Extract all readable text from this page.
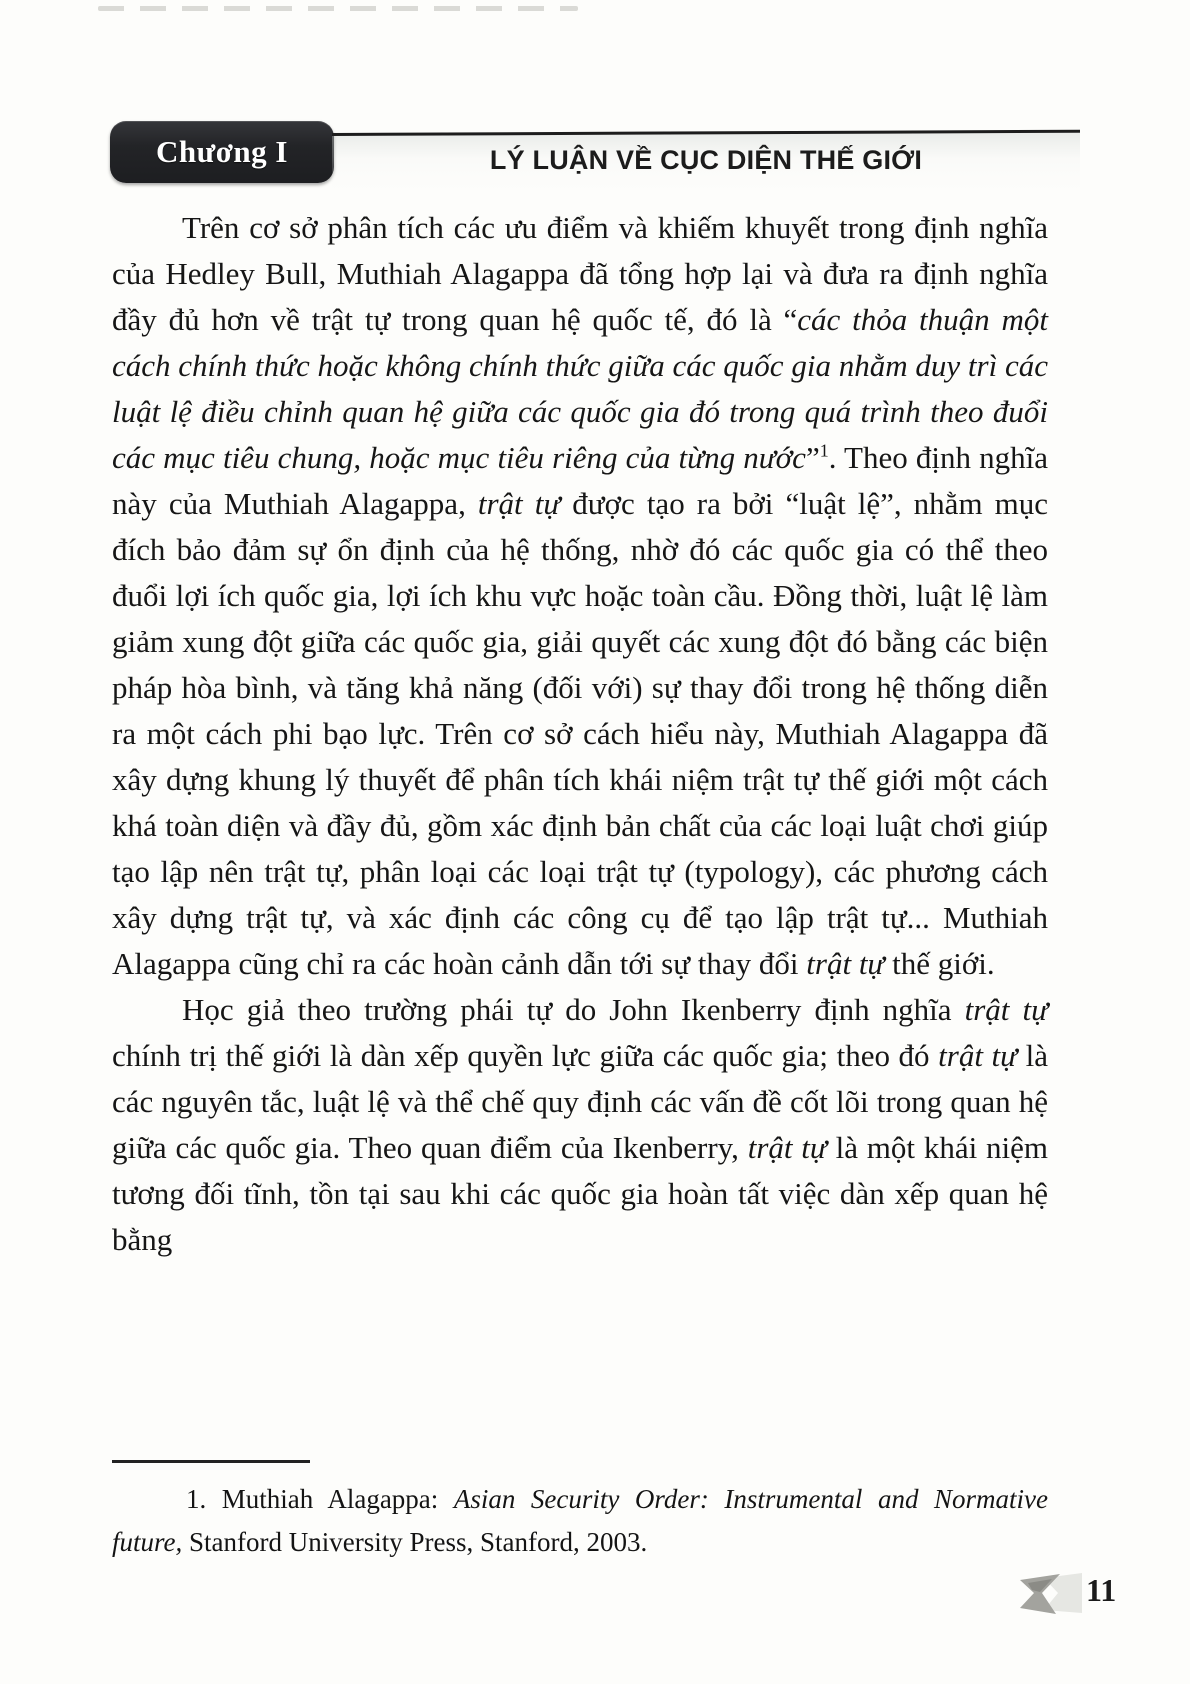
Chương I	LÝ LUẬN VỀ CỤC DIỆN THẾ GIỚI

Trên cơ sở phân tích các ưu điểm và khiếm khuyết trong định nghĩa của Hedley Bull, Muthiah Alagappa đã tổng hợp lại và đưa ra định nghĩa đầy đủ hơn về trật tự trong quan hệ quốc tế, đó là “các thỏa thuận một cách chính thức hoặc không chính thức giữa các quốc gia nhằm duy trì các luật lệ điều chỉnh quan hệ giữa các quốc gia đó trong quá trình theo đuổi các mục tiêu chung, hoặc mục tiêu riêng của từng nước”$^1$. Theo định nghĩa này của Muthiah Alagappa, trật tự được tạo ra bởi “luật lệ”, nhằm mục đích bảo đảm sự ổn định của hệ thống, nhờ đó các quốc gia có thể theo đuổi lợi ích quốc gia, lợi ích khu vực hoặc toàn cầu. Đồng thời, luật lệ làm giảm xung đột giữa các quốc gia, giải quyết các xung đột đó bằng các biện pháp hòa bình, và tăng khả năng (đối với) sự thay đổi trong hệ thống diễn ra một cách phi bạo lực. Trên cơ sở cách hiểu này, Muthiah Alagappa đã xây dựng khung lý thuyết để phân tích khái niệm trật tự thế giới một cách khá toàn diện và đầy đủ, gồm xác định bản chất của các loại luật chơi giúp tạo lập nên trật tự, phân loại các loại trật tự (typology), các phương cách xây dựng trật tự, và xác định các công cụ để tạo lập trật tự... Muthiah Alagappa cũng chỉ ra các hoàn cảnh dẫn tới sự thay đổi trật tự thế giới.

Học giả theo trường phái tự do John Ikenberry định nghĩa trật tự chính trị thế giới là dàn xếp quyền lực giữa các quốc gia; theo đó trật tự là các nguyên tắc, luật lệ và thể chế quy định các vấn đề cốt lõi trong quan hệ giữa các quốc gia. Theo quan điểm của Ikenberry, trật tự là một khái niệm tương đối tĩnh, tồn tại sau khi các quốc gia hoàn tất việc dàn xếp quan hệ bằng

1. Muthiah Alagappa: Asian Security Order: Instrumental and Normative future, Stanford University Press, Stanford, 2003.

11
